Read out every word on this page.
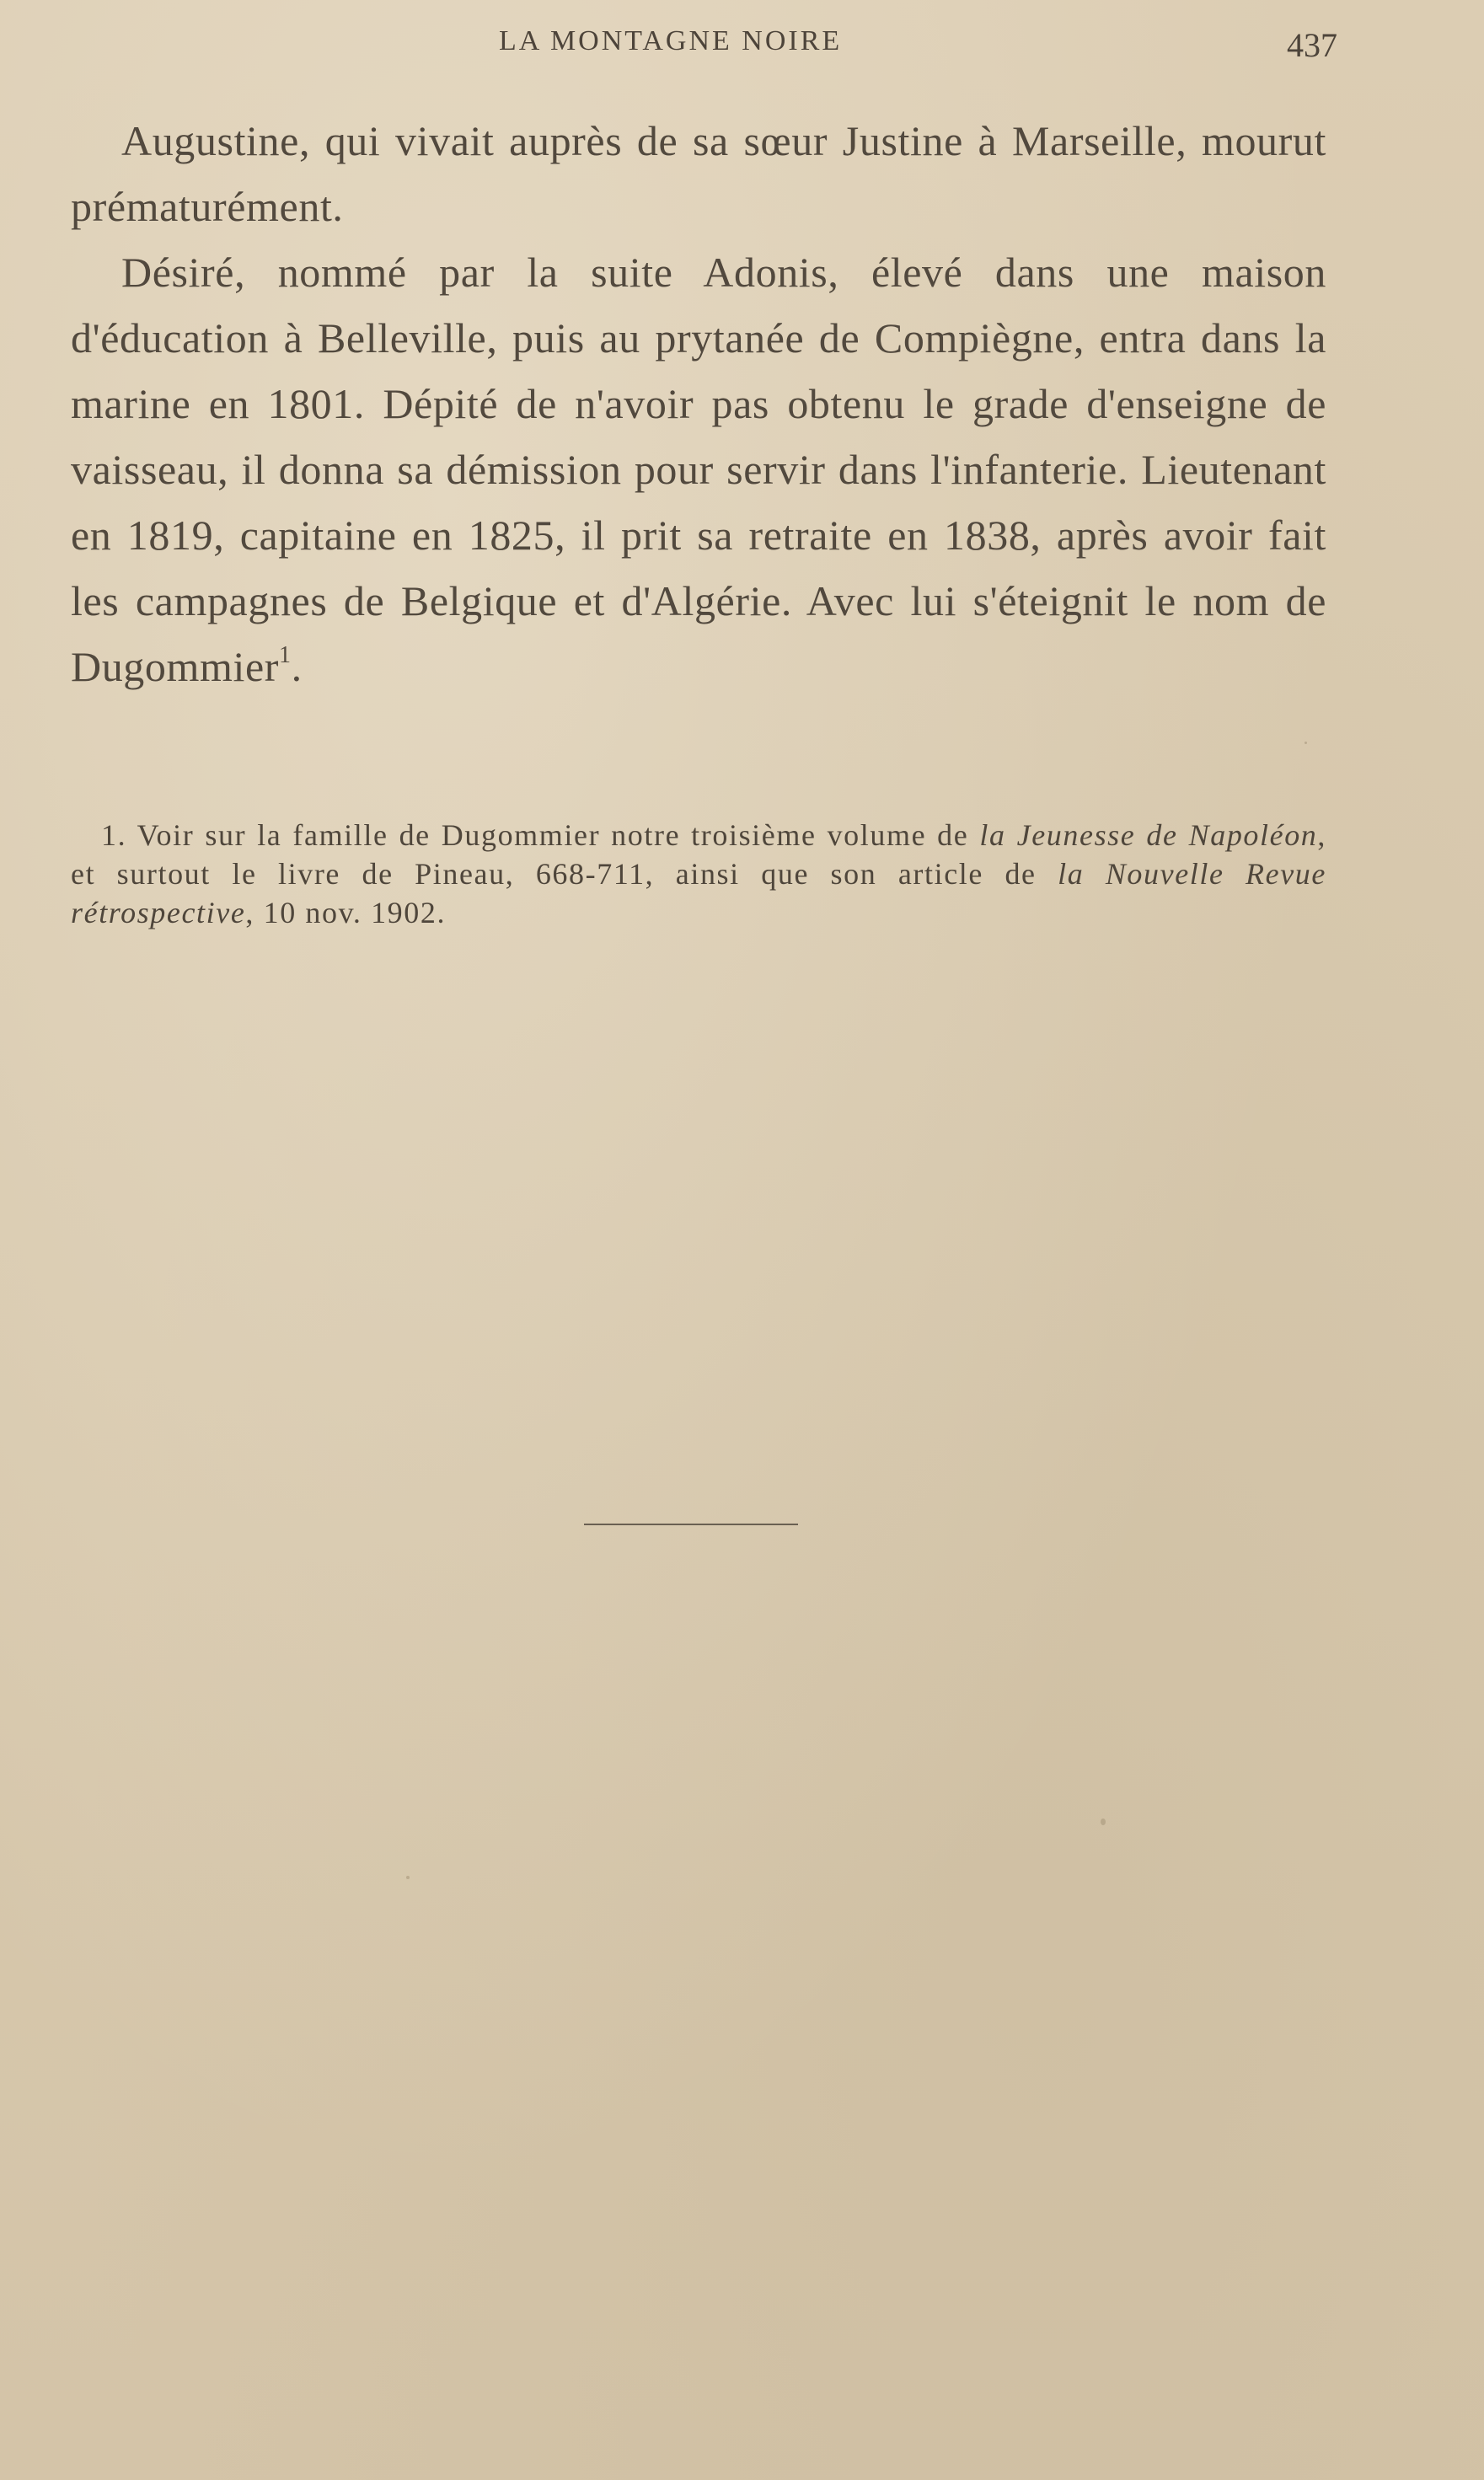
LA MONTAGNE NOIRE	437

Augustine, qui vivait auprès de sa sœur Justine à Marseille, mourut prématurément.

Désiré, nommé par la suite Adonis, élevé dans une maison d'éducation à Belleville, puis au prytanée de Compiègne, entra dans la marine en 1801. Dépité de n'avoir pas obtenu le grade d'enseigne de vaisseau, il donna sa démission pour servir dans l'infanterie. Lieutenant en 1819, capitaine en 1825, il prit sa retraite en 1838, après avoir fait les campagnes de Belgique et d'Algérie. Avec lui s'éteignit le nom de Dugommier$^1$.

1. Voir sur la famille de Dugommier notre troisième volume de la Jeunesse de Napoléon, et surtout le livre de Pineau, 668-711, ainsi que son article de la Nouvelle Revue rétrospective, 10 nov. 1902.
